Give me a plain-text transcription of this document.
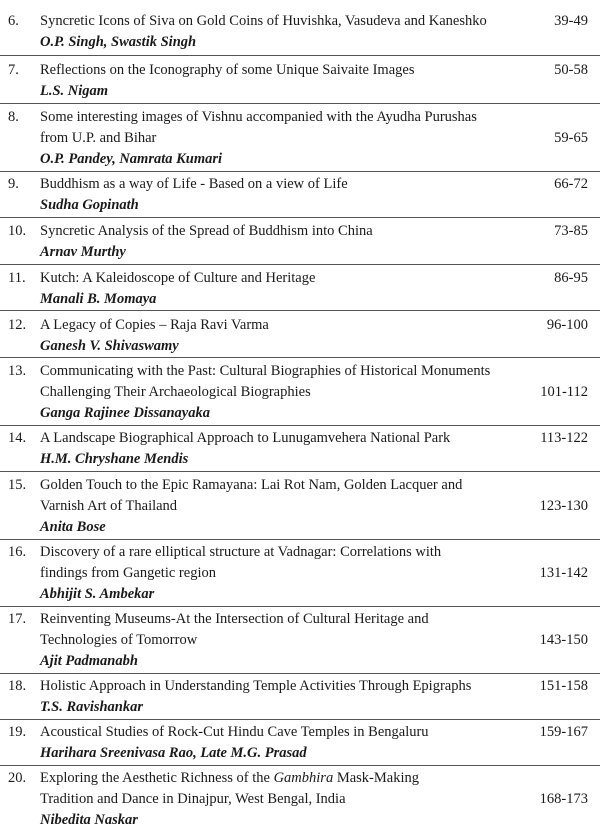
6.	Syncretic Icons of Siva on Gold Coins of Huvishka, Vasudeva and Kaneshko
O.P. Singh, Swastik Singh
39-49
7.	Reflections on the Iconography of some Unique Saivaite Images
L.S. Nigam
50-58
8.	Some interesting images of Vishnu accompanied with the Ayudha Purushas
from U.P. and Bihar
O.P. Pandey, Namrata Kumari
59-65
9.	Buddhism as a way of Life - Based on a view of Life
Sudha Gopinath
66-72
10. Syncretic Analysis of the Spread of Buddhism into China
Arnav Murthy
73-85
11. Kutch: A Kaleidoscope of Culture and Heritage
Manali B. Momaya
86-95
12. A Legacy of Copies – Raja Ravi Varma
Ganesh V. Shivaswamy
96-100
13. Communicating with the Past: Cultural Biographies of Historical Monuments
Challenging Their Archaeological Biographies
Ganga Rajinee Dissanayaka
101-112
14. A Landscape Biographical Approach to Lunugamvehera National Park
H.M. Chryshane Mendis
113-122
15. Golden Touch to the Epic Ramayana: Lai Rot Nam, Golden Lacquer and
Varnish Art of Thailand
Anita Bose
123-130
16. Discovery of a rare elliptical structure at Vadnagar: Correlations with
findings from Gangetic region
Abhijit S. Ambekar
131-142
17. Reinventing Museums-At the Intersection of Cultural Heritage and
Technologies of Tomorrow
Ajit Padmanabh
143-150
18. Holistic Approach in Understanding Temple Activities Through Epigraphs
T.S. Ravishankar
151-158
19. Acoustical Studies of Rock-Cut Hindu Cave Temples in Bengaluru
Harihara Sreenivasa Rao, Late M.G. Prasad
159-167
20. Exploring the Aesthetic Richness of the Gambhira Mask-Making
Tradition and Dance in Dinajpur, West Bengal, India
Nibedita Naskar
168-173
